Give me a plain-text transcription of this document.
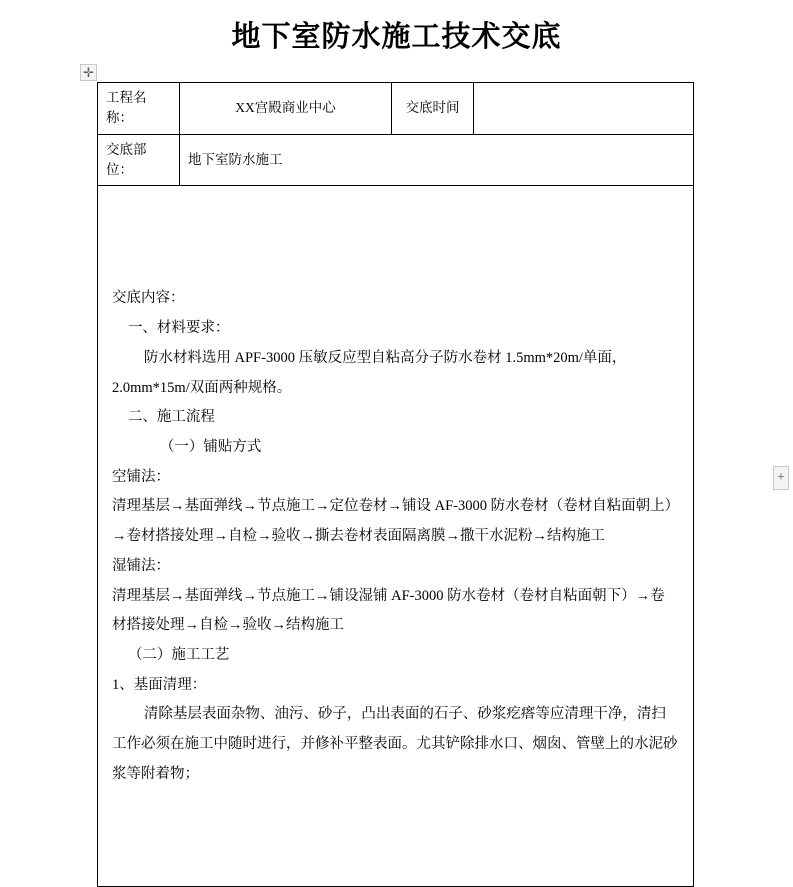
地下室防水施工技术交底
✛
+
工程名称：	XX宫殿商业中心	交底时间	

交底部位：	地下室防水施工		

交底内容：

一、材料要求：

防水材料选用 APF-3000 压敏反应型自粘高分子防水卷材 1.5mm*20m/单面，2.0mm*15m/双面两种规格。

二、施工流程

（一）铺贴方式

空铺法：

清理基层→基面弹线→节点施工→定位卷材→铺设 AF-3000 防水卷材（卷材自粘面朝上）→卷材搭接处理→自检→验收→撕去卷材表面隔离膜→撒干水泥粉→结构施工

湿铺法：

清理基层→基面弹线→节点施工→铺设湿铺 AF-3000 防水卷材（卷材自粘面朝下）→卷材搭接处理→自检→验收→结构施工

（二）施工工艺

1、基面清理：

清除基层表面杂物、油污、砂子，凸出表面的石子、砂浆疙瘩等应清理干净，清扫工作必须在施工中随时进行，并修补平整表面。尤其铲除排水口、烟囱、管壁上的水泥砂浆等附着物；
